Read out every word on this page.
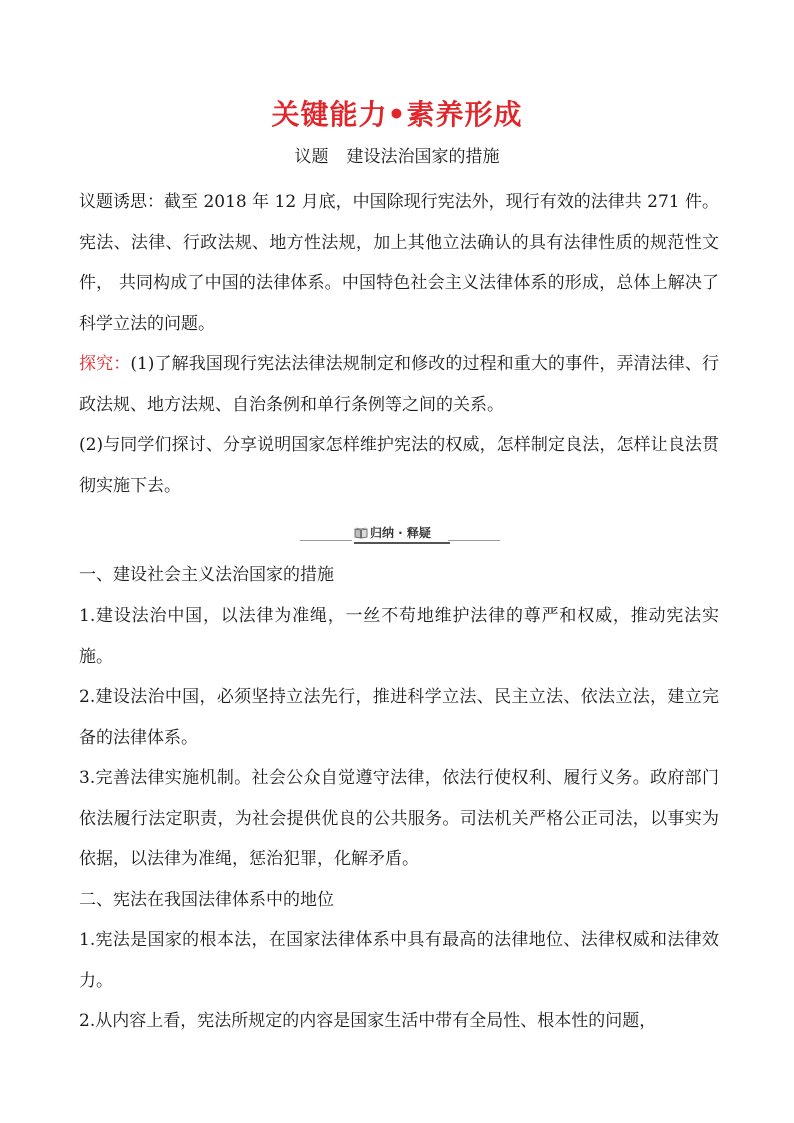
关键能力•素养形成

议题 建设法治国家的措施

议题诱思：截至 2018 年 12 月底，中国除现行宪法外，现行有效的法律共 271 件。宪法、法律、行政法规、地方性法规，加上其他立法确认的具有法律性质的规范性文件， 共同构成了中国的法律体系。中国特色社会主义法律体系的形成，总体上解决了科学立法的问题。

探究：(1)了解我国现行宪法法律法规制定和修改的过程和重大的事件，弄清法律、行政法规、地方法规、自治条例和单行条例等之间的关系。

(2)与同学们探讨、分享说明国家怎样维护宪法的权威，怎样制定良法，怎样让良法贯彻实施下去。

归纳 · 释疑

一、建设社会主义法治国家的措施

1.建设法治中国，以法律为准绳，一丝不苟地维护法律的尊严和权威，推动宪法实施。

2.建设法治中国，必须坚持立法先行，推进科学立法、民主立法、依法立法，建立完备的法律体系。

3.完善法律实施机制。社会公众自觉遵守法律，依法行使权利、履行义务。政府部门依法履行法定职责，为社会提供优良的公共服务。司法机关严格公正司法，以事实为依据，以法律为准绳，惩治犯罪，化解矛盾。

二、宪法在我国法律体系中的地位

1.宪法是国家的根本法，在国家法律体系中具有最高的法律地位、法律权威和法律效力。

2.从内容上看，宪法所规定的内容是国家生活中带有全局性、根本性的问题，
